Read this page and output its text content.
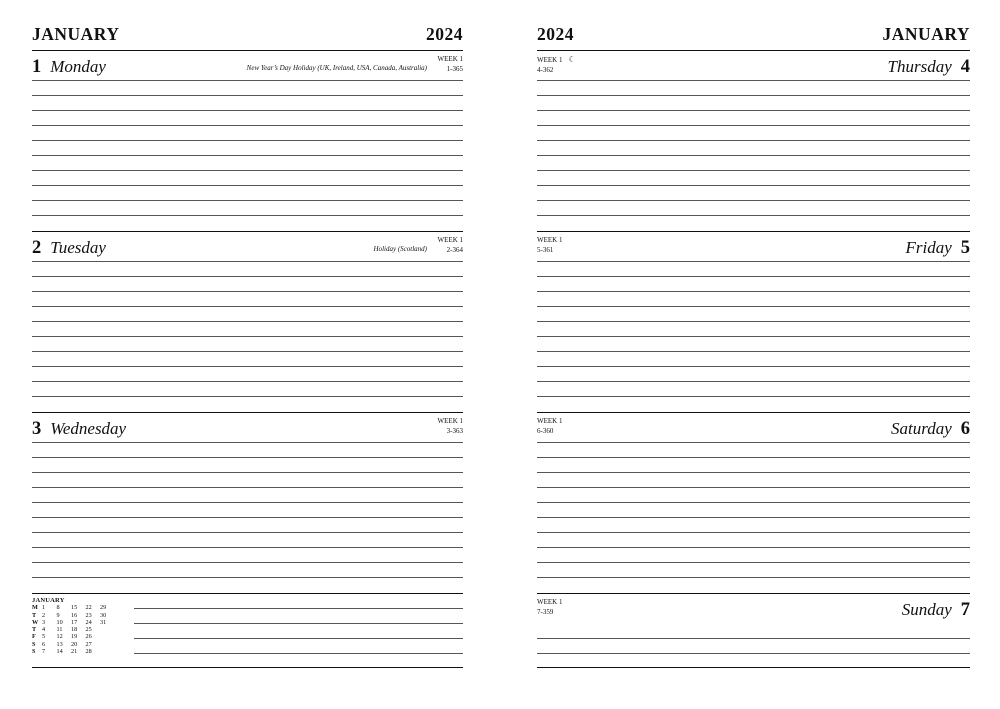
JANUARY	2024
1 Monday	WEEK 1
1-365
New Year’s Day Holiday (UK, Ireland, USA, Canada, Australia)
2 Tuesday	WEEK 1
2-364
Holiday (Scotland)
3 Wednesday	WEEK 1
3-363
JANUARY
M	1	8	15	22	29
T	2	9	16	23	30
W	3	10	17	24	31
T	4	11	18	25	
F	5	12	19	26	
S	6	13	20	27	
S	7	14	21	28	
2024	JANUARY
Thursday 4
WEEK 1 ☾
4-362
Friday 5
WEEK 1
5-361
Saturday 6
WEEK 1
6-360
Sunday 7
WEEK 1
7-359
